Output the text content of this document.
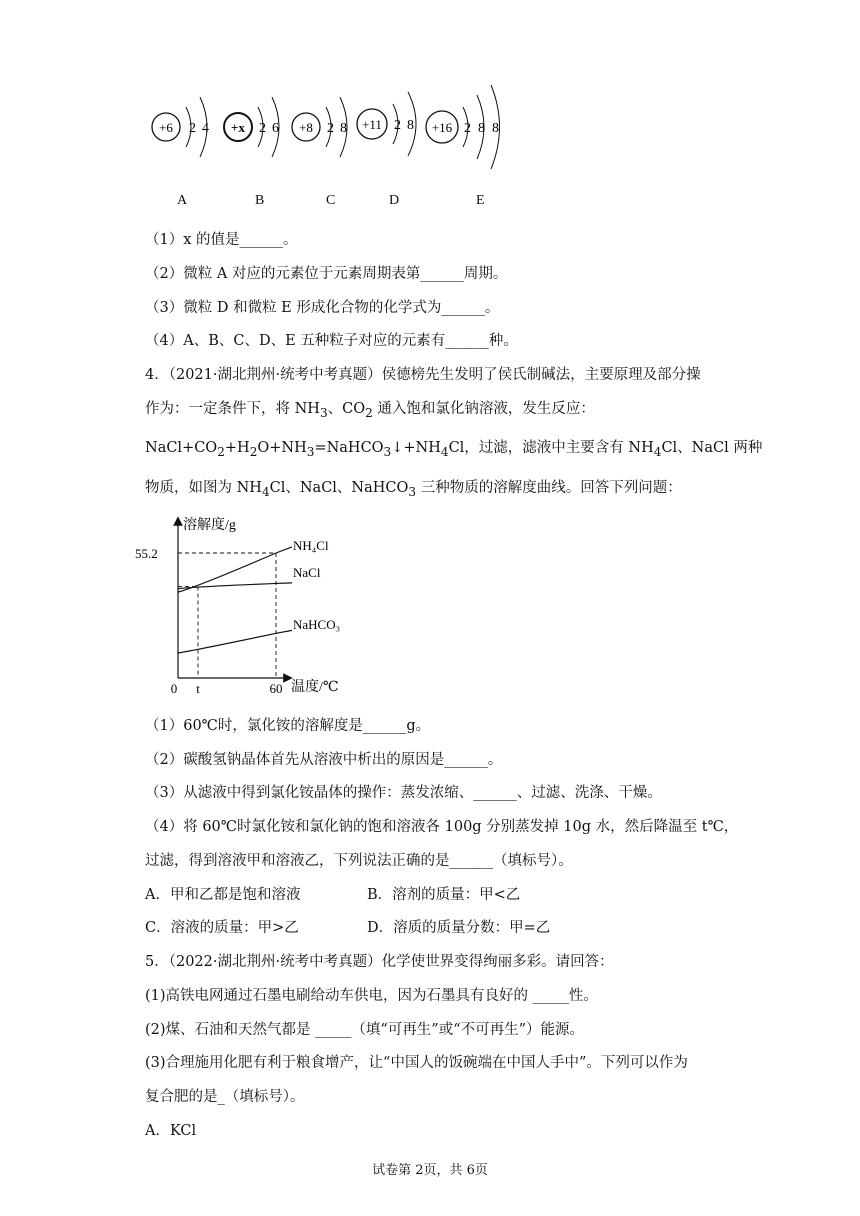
+6 2 4 +x 2 6 +8 2 8 +11 2 8 +16 2 8 8
A	B	C	D	E
（1）x 的值是______。
（2）微粒 A 对应的元素位于元素周期表第______周期。
（3）微粒 D 和微粒 E 形成化合物的化学式为______。
（4）A、B、C、D、E 五种粒子对应的元素有______种。
4．（2021·湖北荆州·统考中考真题）侯德榜先生发明了侯氏制碱法，主要原理及部分操
作为：一定条件下，将 $NH_3$、$CO_2$ 通入饱和氯化钠溶液，发生反应：
$NaCl+CO_2+H_2O+NH_3=NaHCO_3↓+NH_4Cl$，过滤，滤液中主要含有 $NH_4Cl$、NaCl 两种
物质，如图为 $NH_4Cl$、NaCl、NaHCO$_3$ 三种物质的溶解度曲线。回答下列问题：
溶解度/g
温度/℃
0 t	60
55.2
NH₄Cl
NaCl
NaHCO₃
（1）60℃时，氯化铵的溶解度是______g。
（2）碳酸氢钠晶体首先从溶液中析出的原因是______。
（3）从滤液中得到氯化铵晶体的操作：蒸发浓缩、______、过滤、洗涤、干燥。
（4）将 60℃时氯化铵和氯化钠的饱和溶液各 100g 分别蒸发掉 10g 水，然后降温至 t℃，
过滤，得到溶液甲和溶液乙，下列说法正确的是______（填标号）。
A．甲和乙都是饱和溶液	B．溶剂的质量：甲<乙
C．溶液的质量：甲>乙	D．溶质的质量分数：甲=乙
5．（2022·湖北荆州·统考中考真题）化学使世界变得绚丽多彩。请回答：
(1)高铁电网通过石墨电刷给动车供电，因为石墨具有良好的 _____性。
(2)煤、石油和天然气都是 _____（填“可再生”或“不可再生”）能源。
(3)合理施用化肥有利于粮食增产，让“中国人的饭碗端在中国人手中”。下列可以作为
复合肥的是_（填标号）。
A．KCl
试卷第 2页，共 6页
